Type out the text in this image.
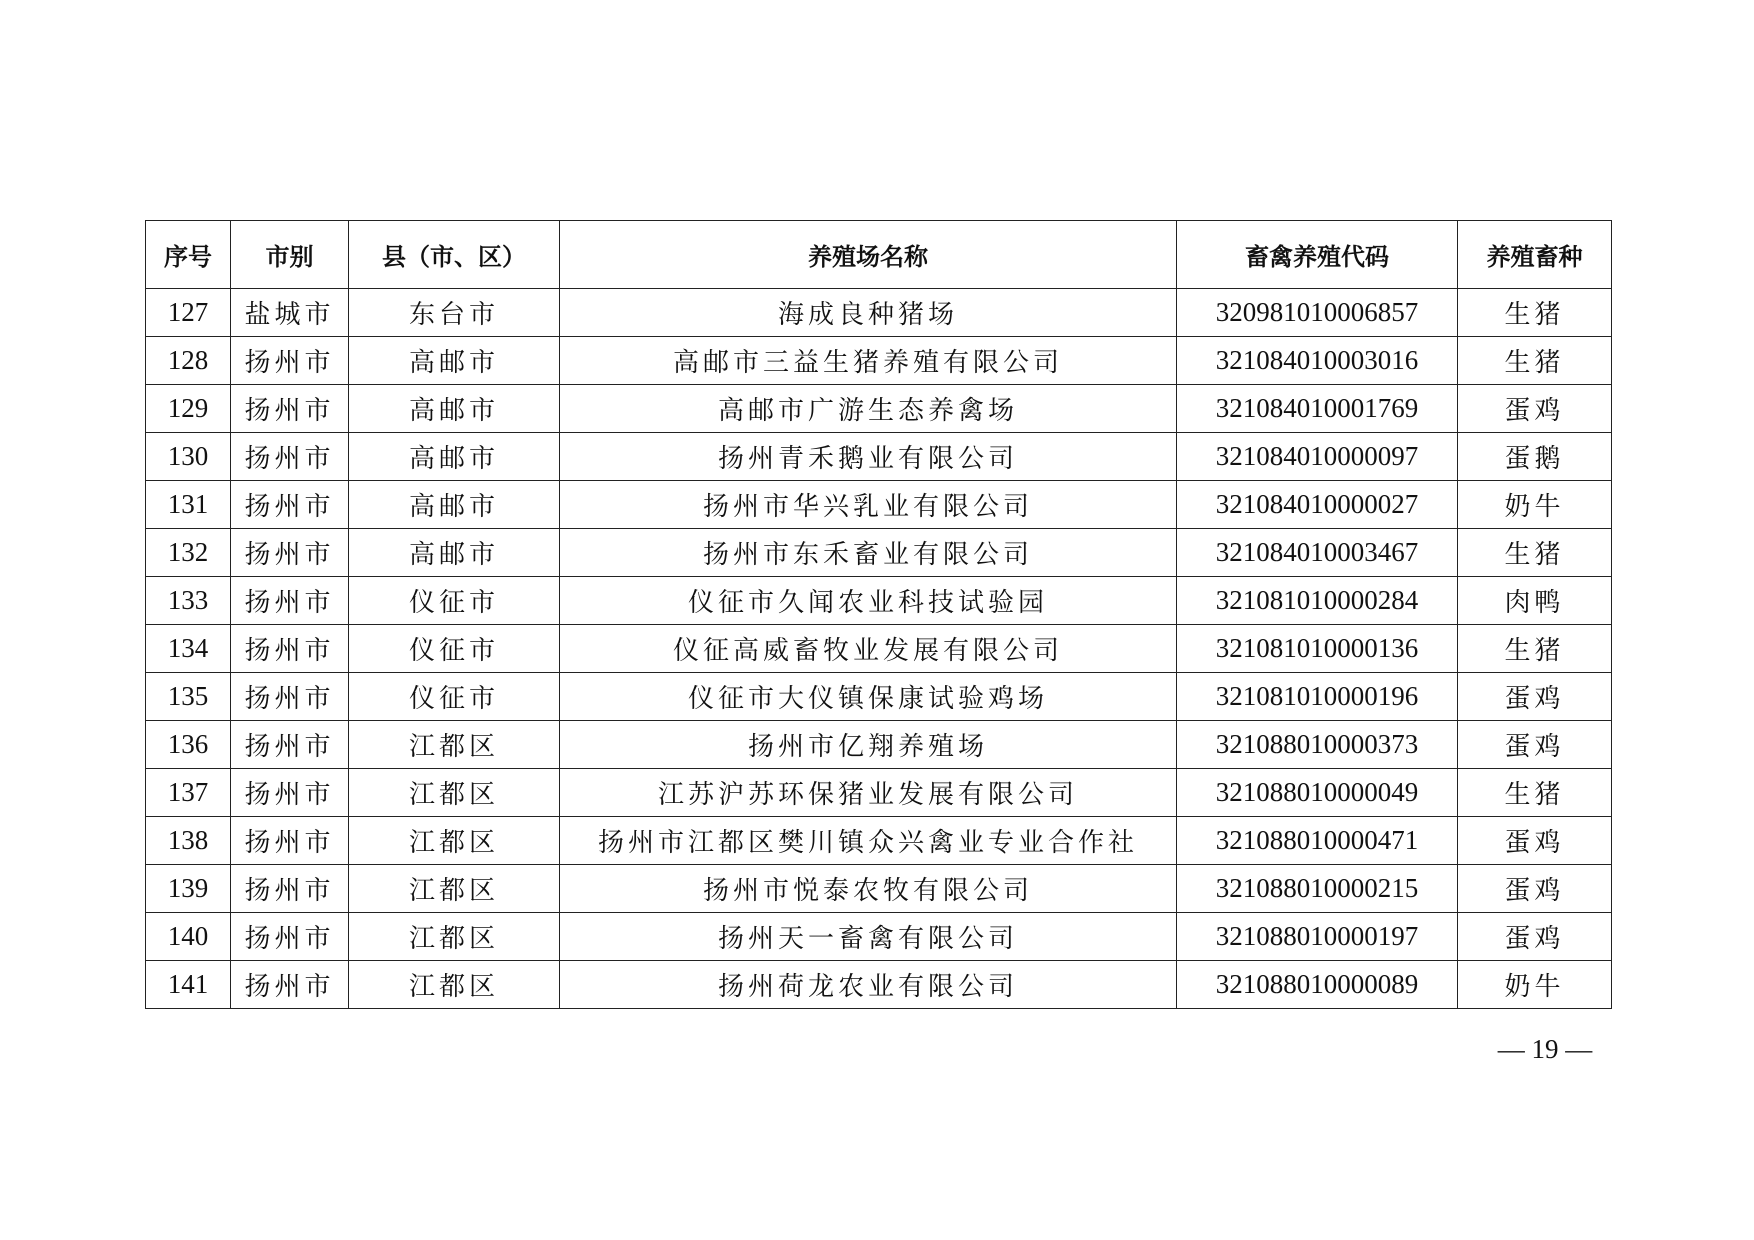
序号	市别	县（市、区）	养殖场名称	畜禽养殖代码	养殖畜种
127	盐城市	东台市	海成良种猪场	320981010006857	生猪
128	扬州市	高邮市	高邮市三益生猪养殖有限公司	321084010003016	生猪
129	扬州市	高邮市	高邮市广游生态养禽场	321084010001769	蛋鸡
130	扬州市	高邮市	扬州青禾鹅业有限公司	321084010000097	蛋鹅
131	扬州市	高邮市	扬州市华兴乳业有限公司	321084010000027	奶牛
132	扬州市	高邮市	扬州市东禾畜业有限公司	321084010003467	生猪
133	扬州市	仪征市	仪征市久闻农业科技试验园	321081010000284	肉鸭
134	扬州市	仪征市	仪征高威畜牧业发展有限公司	321081010000136	生猪
135	扬州市	仪征市	仪征市大仪镇保康试验鸡场	321081010000196	蛋鸡
136	扬州市	江都区	扬州市亿翔养殖场	321088010000373	蛋鸡
137	扬州市	江都区	江苏沪苏环保猪业发展有限公司	321088010000049	生猪
138	扬州市	江都区	扬州市江都区樊川镇众兴禽业专业合作社	321088010000471	蛋鸡
139	扬州市	江都区	扬州市悦泰农牧有限公司	321088010000215	蛋鸡
140	扬州市	江都区	扬州天一畜禽有限公司	321088010000197	蛋鸡
141	扬州市	江都区	扬州荷龙农业有限公司	321088010000089	奶牛
— 19 —
